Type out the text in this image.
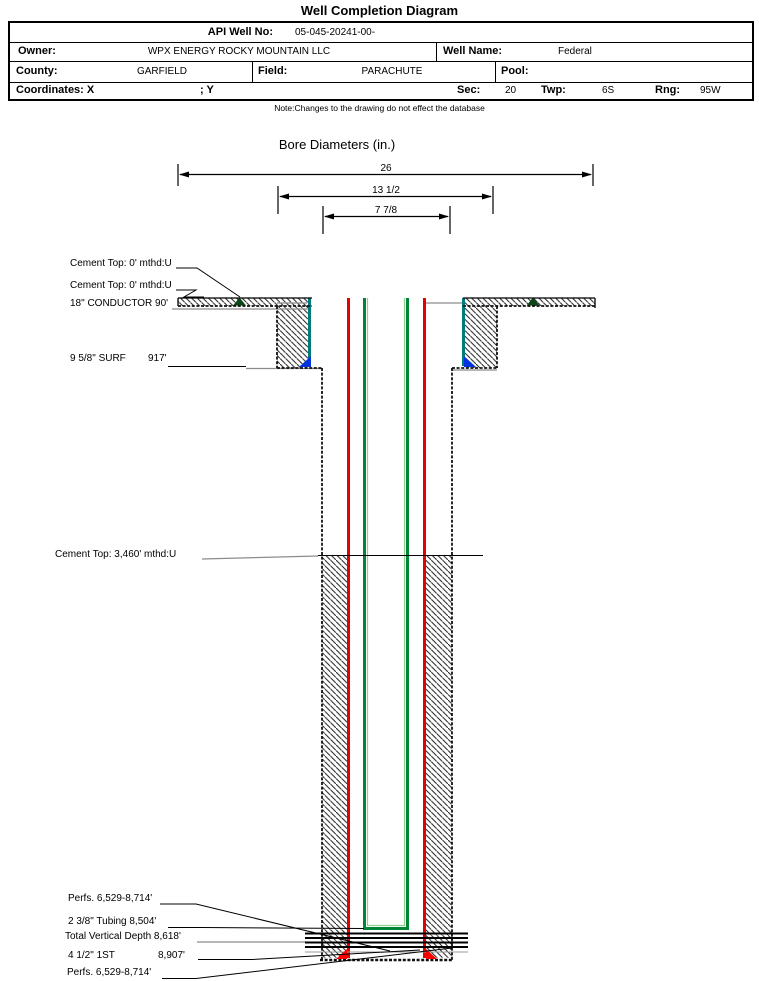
Well Completion Diagram
API Well No: 05-045-20241-00-
Owner:	WPX ENERGY ROCKY MOUNTAIN LLC	Well Name:	Federal
County:	GARFIELD	Field:	PARACHUTE	Pool:
Coordinates: X	; Y	Sec: 20 Twp:	6S	Rng: 95W
Note:Changes to the drawing do not effect the database
Bore Diameters (in.)
26
13 1/2
7 7/8
Cement Top: 0' mthd:U
Cement Top: 0' mthd:U
18" CONDUCTOR 90'
9 5/8" SURF 917'
Cement Top: 3,460' mthd:U
Perfs. 6,529-8,714'
2 3/8" Tubing 8,504'
Total Vertical Depth 8,618'
4 1/2" 1ST	8,907'
Perfs. 6,529-8,714'
